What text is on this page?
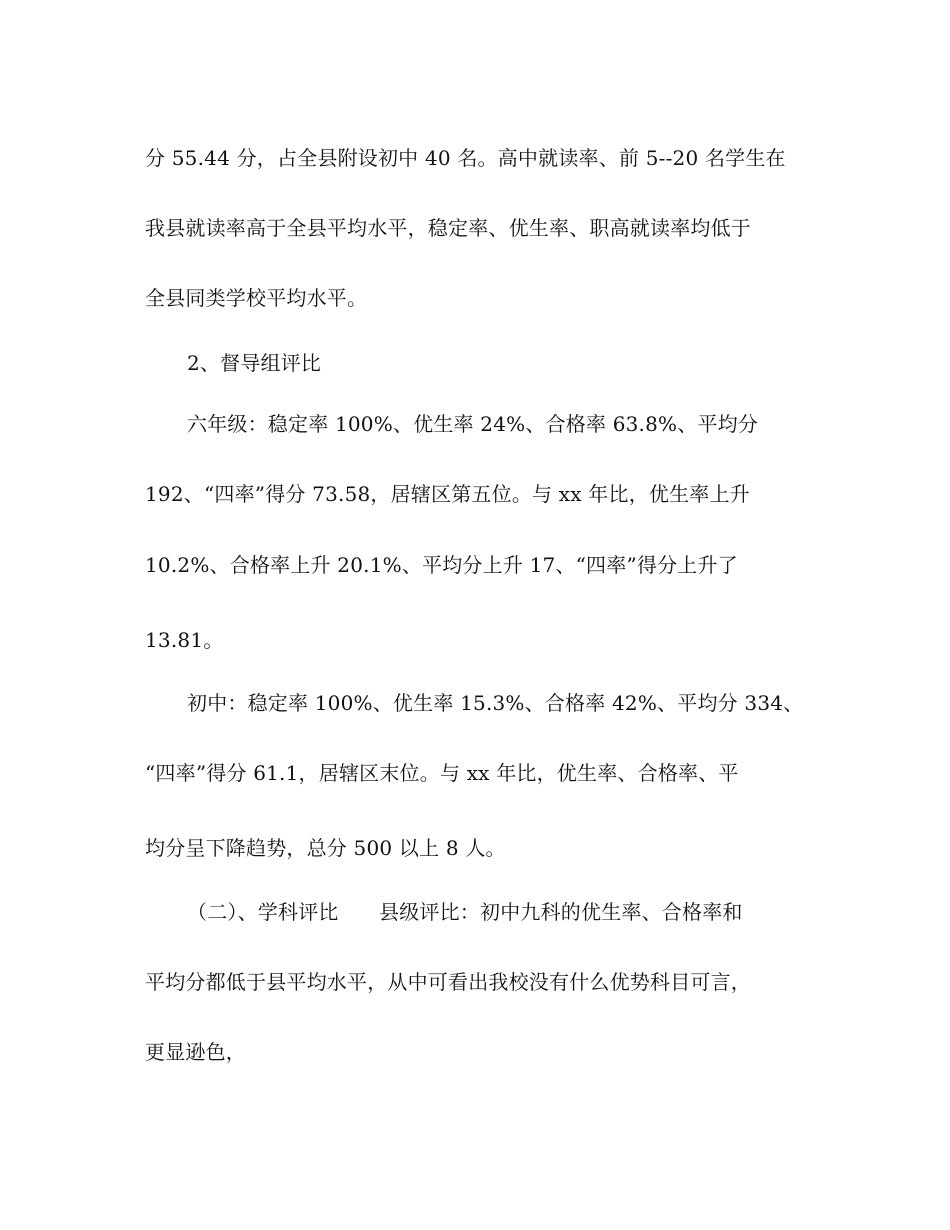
分 55.44 分，占全县附设初中 40 名。高中就读率、前 5--20 名学生在
我县就读率高于全县平均水平，稳定率、优生率、职高就读率均低于
全县同类学校平均水平。
2、督导组评比
六年级：稳定率 100%、优生率 24%、合格率 63.8%、平均分
192、“四率”得分 73.58，居辖区第五位。与 xx 年比，优生率上升
10.2%、合格率上升 20.1%、平均分上升 17、“四率”得分上升了
13.81。
初中：稳定率 100%、优生率 15.3%、合格率 42%、平均分 334、
“四率”得分 61.1，居辖区末位。与 xx 年比，优生率、合格率、平
均分呈下降趋势，总分 500 以上 8 人。
（二）、学科评比　　县级评比：初中九科的优生率、合格率和
平均分都低于县平均水平，从中可看出我校没有什么优势科目可言，
更显逊色，
